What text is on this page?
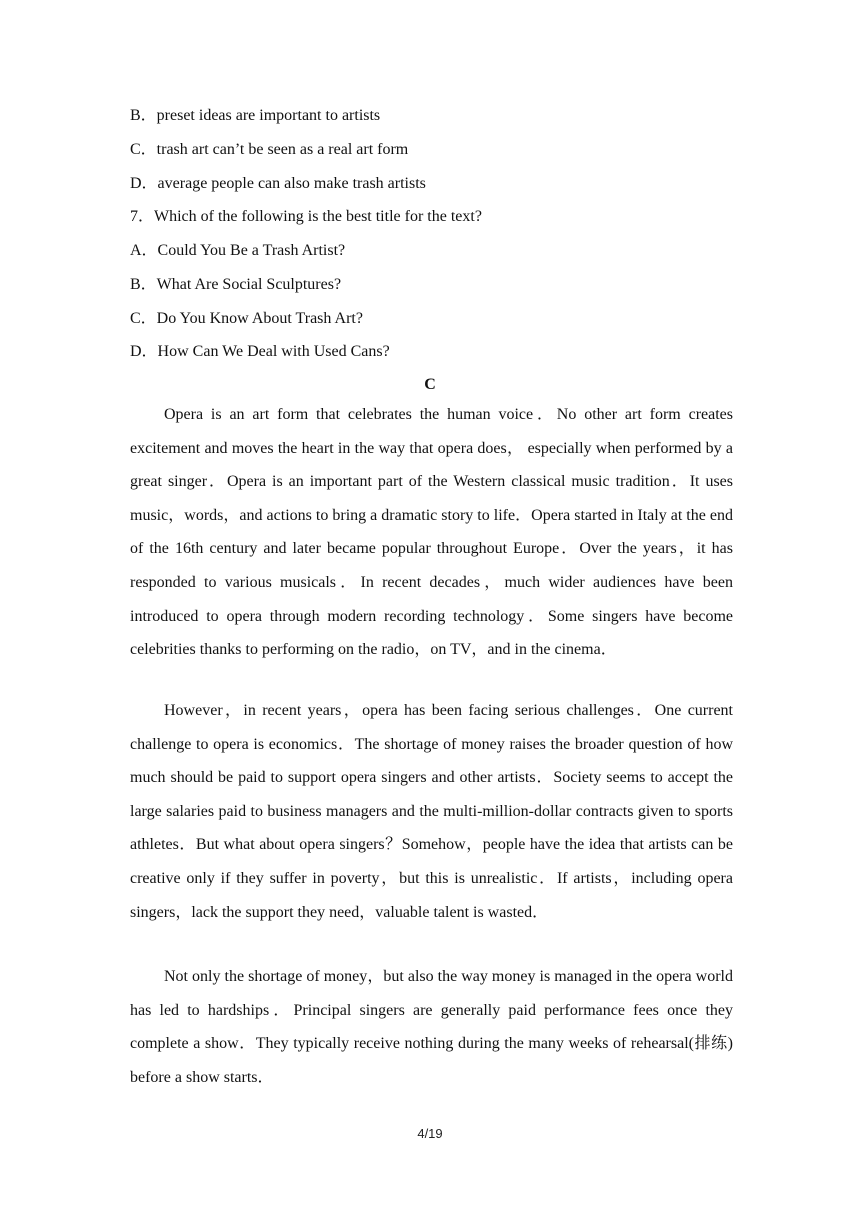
B．preset ideas are important to artists
C．trash art can’t be seen as a real art form
D．average people can also make trash artists
7．Which of the following is the best title for the text?
A．Could You Be a Trash Artist?
B．What Are Social Sculptures?
C．Do You Know About Trash Art?
D．How Can We Deal with Used Cans?
C
Opera is an art form that celebrates the human voice．No other art form creates excitement and moves the heart in the way that opera does， especially when performed by a great singer．Opera is an important part of the Western classical music tradition．It uses music，words，and actions to bring a dramatic story to life．Opera started in Italy at the end of the 16th century and later became popular throughout Europe．Over the years，it has responded to various musicals．In recent decades，much wider audiences have been introduced to opera through modern recording technology．Some singers have become celebrities thanks to performing on the radio，on TV，and in the cinema．
However，in recent years，opera has been facing serious challenges．One current challenge to opera is economics．The shortage of money raises the broader question of how much should be paid to support opera singers and other artists．Society seems to accept the large salaries paid to business managers and the multi-million-dollar contracts given to sports athletes．But what about opera singers？Somehow，people have the idea that artists can be creative only if they suffer in poverty，but this is unrealistic．If artists，including opera singers，lack the support they need，valuable talent is wasted．
Not only the shortage of money，but also the way money is managed in the opera world has led to hardships．Principal singers are generally paid performance fees once they complete a show．They typically receive nothing during the many weeks of rehearsal(排练) before a show starts．
4/19
